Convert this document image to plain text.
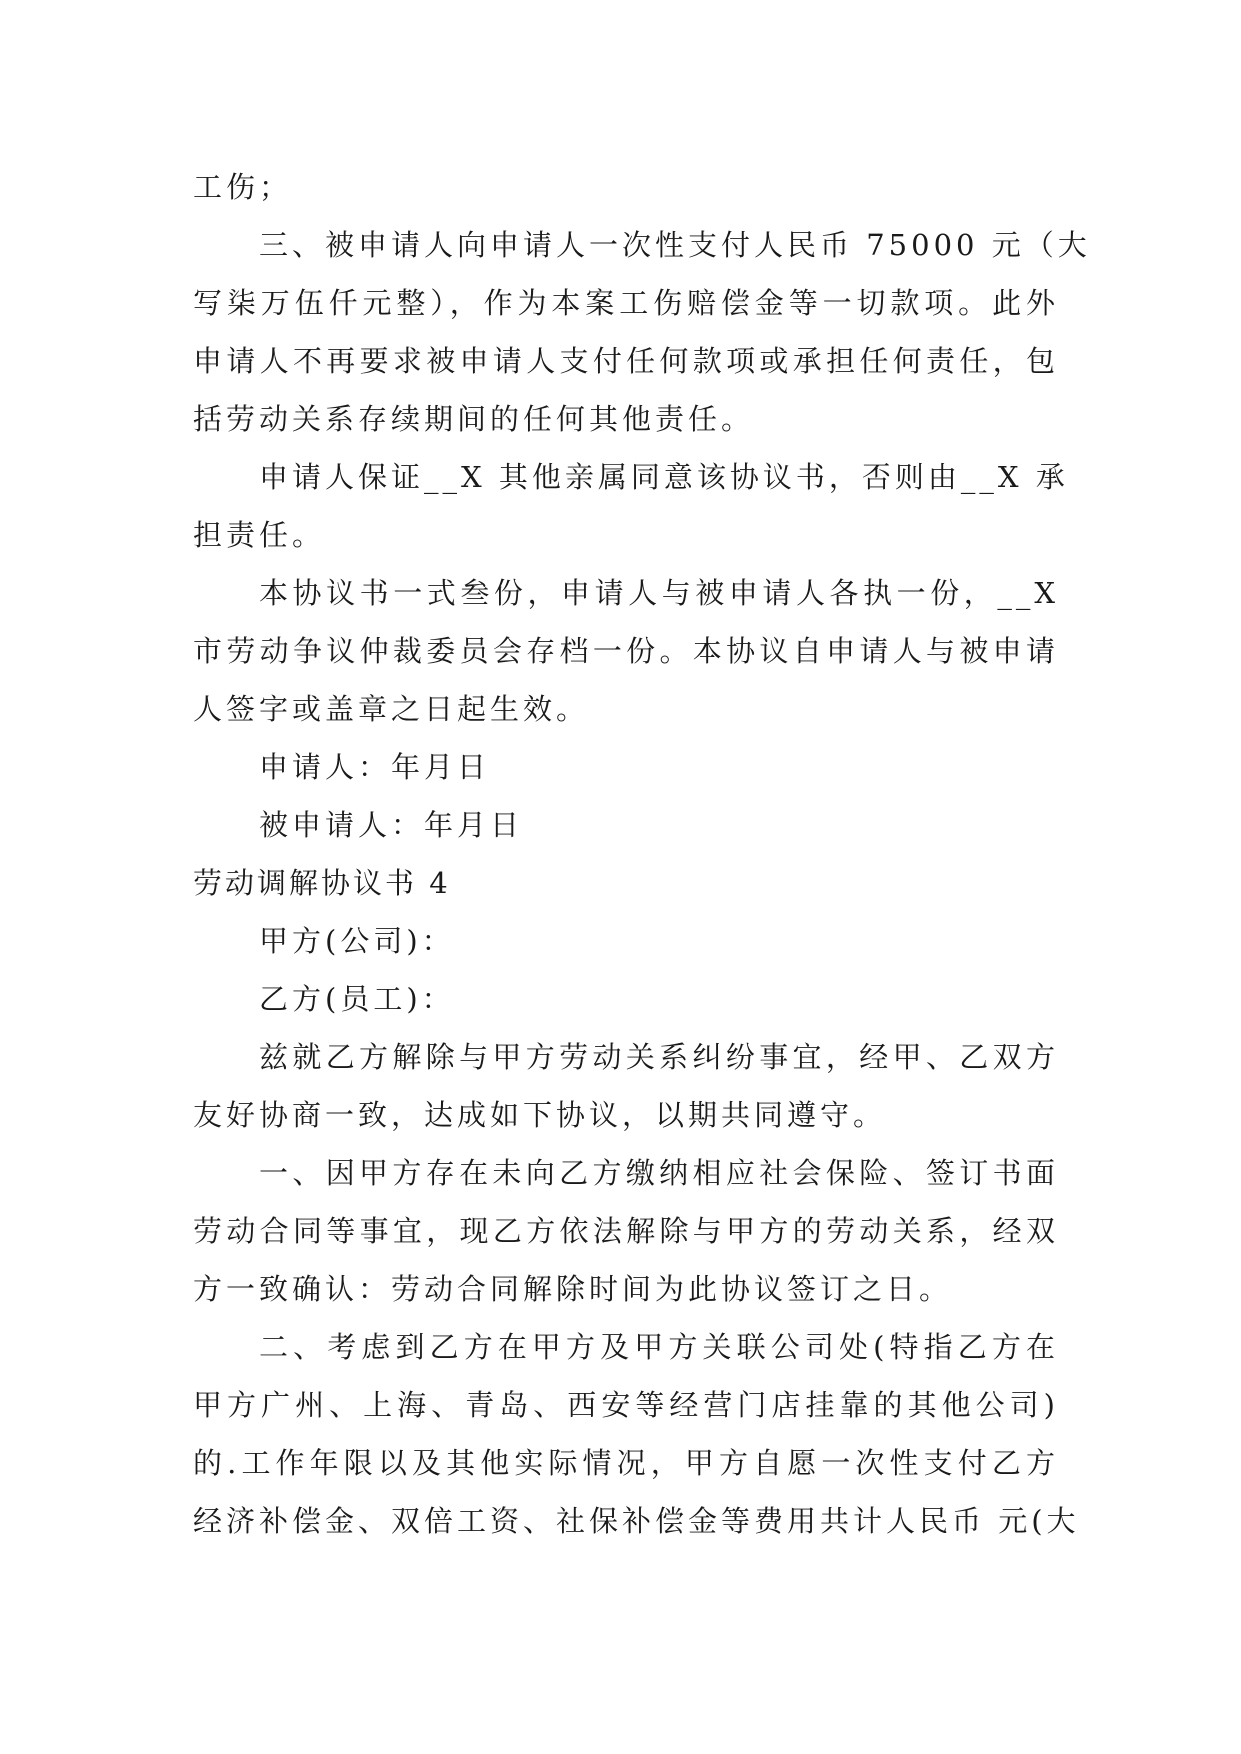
工伤；
三、被申请人向申请人一次性支付人民币 75000 元（大
写柒万伍仟元整），作为本案工伤赔偿金等一切款项。此外
申请人不再要求被申请人支付任何款项或承担任何责任，包
括劳动关系存续期间的任何其他责任。
申请人保证__X 其他亲属同意该协议书，否则由__X 承
担责任。
本协议书一式叁份，申请人与被申请人各执一份，__X
市劳动争议仲裁委员会存档一份。本协议自申请人与被申请
人签字或盖章之日起生效。
申请人：年月日
被申请人：年月日
劳动调解协议书 4
甲方(公司)：
乙方(员工)：
兹就乙方解除与甲方劳动关系纠纷事宜，经甲、乙双方
友好协商一致，达成如下协议，以期共同遵守。
一、因甲方存在未向乙方缴纳相应社会保险、签订书面
劳动合同等事宜，现乙方依法解除与甲方的劳动关系，经双
方一致确认：劳动合同解除时间为此协议签订之日。
二、考虑到乙方在甲方及甲方关联公司处(特指乙方在
甲方广州、上海、青岛、西安等经营门店挂靠的其他公司)
的.工作年限以及其他实际情况，甲方自愿一次性支付乙方
经济补偿金、双倍工资、社保补偿金等费用共计人民币 元(大
